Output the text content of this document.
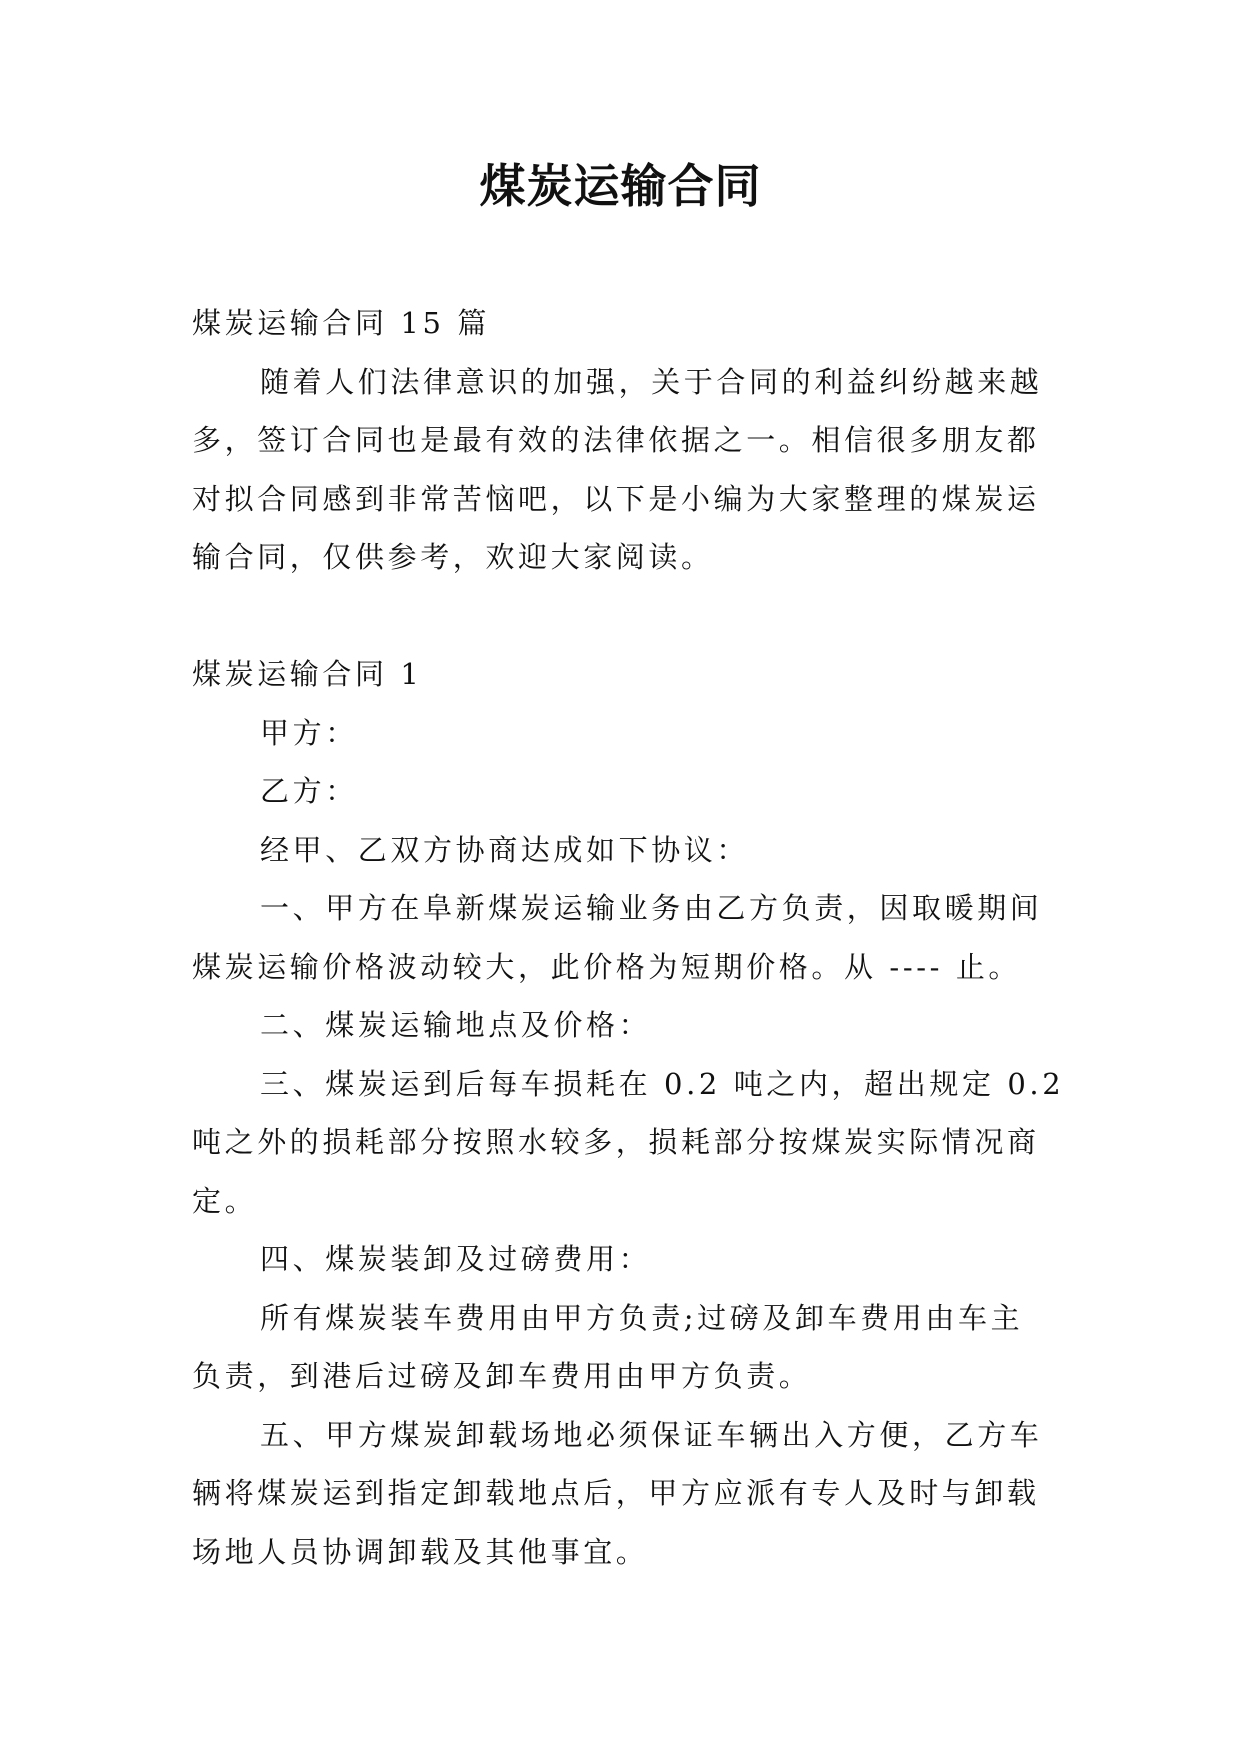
煤炭运输合同
煤炭运输合同 15 篇
随着人们法律意识的加强，关于合同的利益纠纷越来越
多，签订合同也是最有效的法律依据之一。相信很多朋友都
对拟合同感到非常苦恼吧，以下是小编为大家整理的煤炭运
输合同，仅供参考，欢迎大家阅读。
煤炭运输合同 1
甲方：
乙方：
经甲、乙双方协商达成如下协议：
一、甲方在阜新煤炭运输业务由乙方负责，因取暖期间
煤炭运输价格波动较大，此价格为短期价格。从 ---- 止。
二、煤炭运输地点及价格：
三、煤炭运到后每车损耗在 0.2 吨之内，超出规定 0.2
吨之外的损耗部分按照水较多，损耗部分按煤炭实际情况商
定。
四、煤炭装卸及过磅费用：
所有煤炭装车费用由甲方负责;过磅及卸车费用由车主
负责，到港后过磅及卸车费用由甲方负责。
五、甲方煤炭卸载场地必须保证车辆出入方便，乙方车
辆将煤炭运到指定卸载地点后，甲方应派有专人及时与卸载
场地人员协调卸载及其他事宜。
